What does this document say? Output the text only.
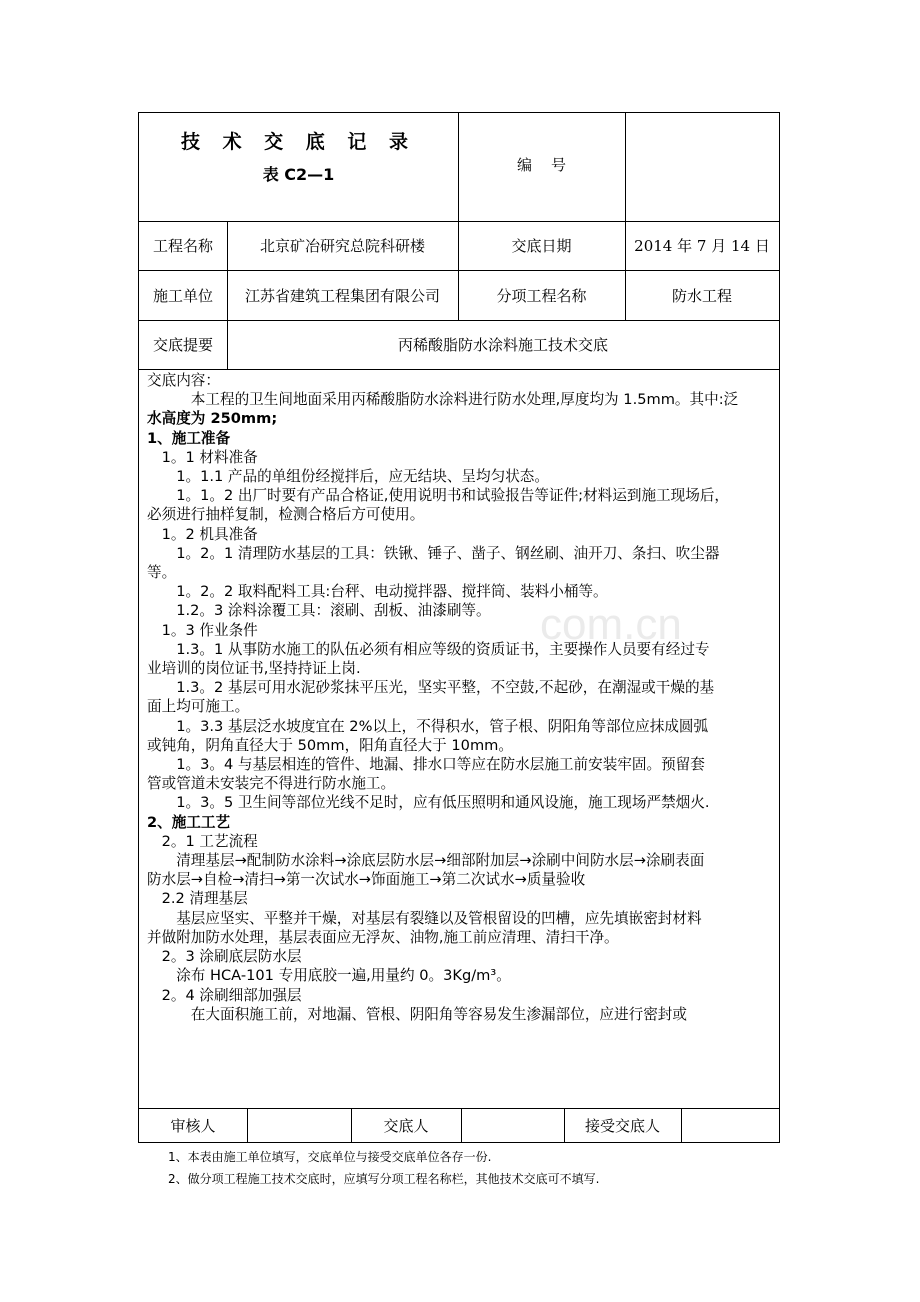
com.cn
技 术 交 底 记 录
表 C2—1	编    号
工程名称	北京矿冶研究总院科研楼	交底日期	2014 年 7 月 14 日
施工单位	江苏省建筑工程集团有限公司	分项工程名称	防水工程
交底提要	丙稀酸脂防水涂料施工技术交底

交底内容：

　　　本工程的卫生间地面采用丙稀酸脂防水涂料进行防水处理,厚度均为 1.5mm。其中:泛

水高度为 250mm;

1、施工准备

　1。1 材料准备

　　1。1.1 产品的单组份经搅拌后，应无结块、呈均匀状态。

　　1。1。2 出厂时要有产品合格证,使用说明书和试验报告等证件;材料运到施工现场后，

必须进行抽样复制，检测合格后方可使用。

　1。2 机具准备

　　1。2。1 清理防水基层的工具：铁锹、锤子、凿子、钢丝刷、油开刀、条扫、吹尘器

等。

　　1。2。2 取料配料工具:台秤、电动搅拌器、搅拌筒、装料小桶等。

　　1.2。3 涂料涂覆工具：滚刷、刮板、油漆刷等。

　1。3 作业条件

　　1.3。1 从事防水施工的队伍必须有相应等级的资质证书，主要操作人员要有经过专

业培训的岗位证书,坚持持证上岗.

　　1.3。2 基层可用水泥砂浆抹平压光，坚实平整，不空鼓,不起砂，在潮湿或干燥的基

面上均可施工。

　　1。3.3 基层泛水坡度宜在 2%以上，不得积水，管子根、阴阳角等部位应抹成圆弧

或钝角，阴角直径大于 50mm，阳角直径大于 10mm。

　　1。3。4 与基层相连的管件、地漏、排水口等应在防水层施工前安装牢固。预留套

管或管道未安装完不得进行防水施工。

　　1。3。5 卫生间等部位光线不足时，应有低压照明和通风设施，施工现场严禁烟火.

2、施工工艺

　2。1 工艺流程

　　清理基层→配制防水涂料→涂底层防水层→细部附加层→涂刷中间防水层→涂刷表面

防水层→自检→清扫→第一次试水→饰面施工→第二次试水→质量验收

　2.2 清理基层

　　基层应坚实、平整并干燥，对基层有裂缝以及管根留设的凹槽，应先填嵌密封材料

并做附加防水处理，基层表面应无浮灰、油物,施工前应清理、清扫干净。

　2。3 涂刷底层防水层

　　涂布 HCA-101 专用底胶一遍,用量约 0。3Kg/m³。

　2。4 涂刷细部加强层

　　　在大面积施工前，对地漏、管根、阴阳角等容易发生渗漏部位，应进行密封或

审核人	交底人	接受交底人

1、本表由施工单位填写，交底单位与接受交底单位各存一份.

2、做分项工程施工技术交底时，应填写分项工程名称栏，其他技术交底可不填写.
